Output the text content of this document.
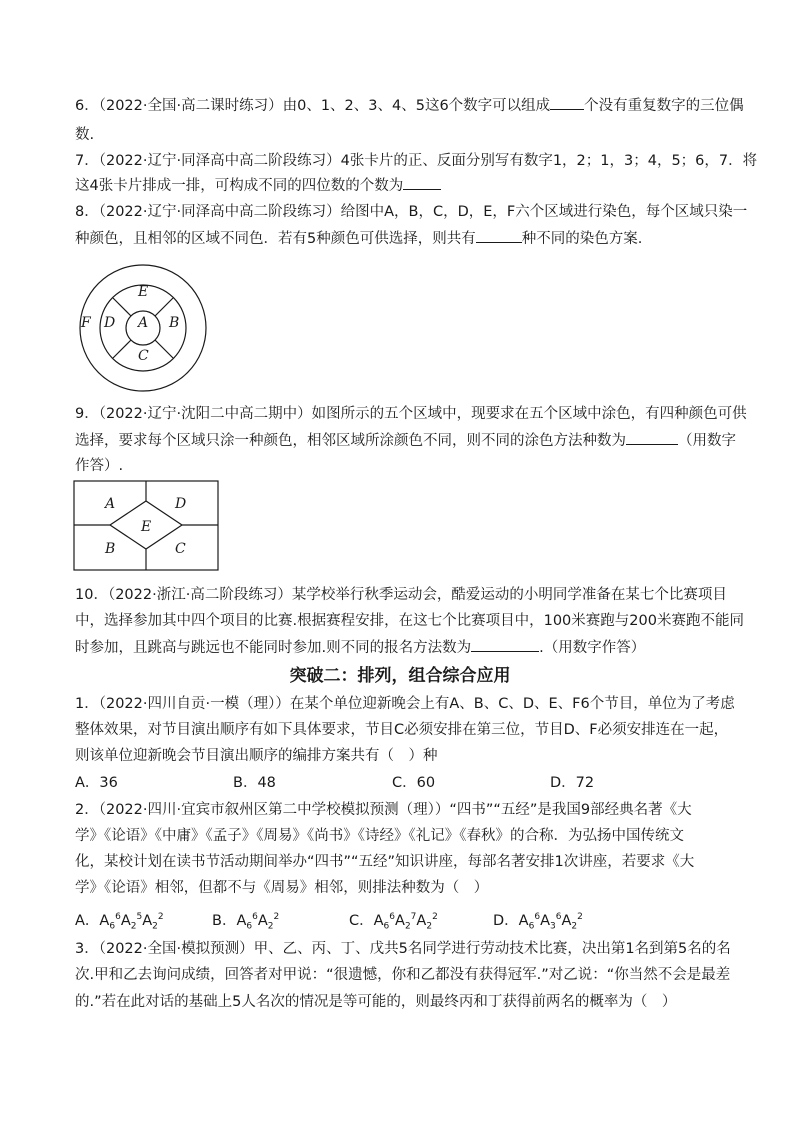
6．（2022·全国·高二课时练习）由0、1、2、3、4、5这6个数字可以组成 个没有重复数字的三位偶
数.
7．（2022·辽宁·同泽高中高二阶段练习）4张卡片的正、反面分别写有数字1，2；1，3；4，5；6，7．将
这4张卡片排成一排，可构成不同的四位数的个数为
8．（2022·辽宁·同泽高中高二阶段练习）给图中A，B，C，D，E，F六个区域进行染色，每个区域只染一
种颜色，且相邻的区域不同色．若有5种颜色可供选择，则共有	种不同的染色方案.
E
F D A B
C
9．（2022·辽宁·沈阳二中高二期中）如图所示的五个区域中，现要求在五个区域中涂色，有四种颜色可供
选择，要求每个区域只涂一种颜色，相邻区域所涂颜色不同，则不同的涂色方法种数为	（用数字
作答）.
A	D
E
B	C
10．（2022·浙江·高二阶段练习）某学校举行秋季运动会，酷爱运动的小明同学准备在某七个比赛项目
中，选择参加其中四个项目的比赛.根据赛程安排，在这七个比赛项目中，100米赛跑与200米赛跑不能同
时参加，且跳高与跳远也不能同时参加.则不同的报名方法数为	.（用数字作答）
突破二：排列，组合综合应用
1．（2022·四川自贡·一模（理））在某个单位迎新晚会上有A、B、C、D、E、F6个节目，单位为了考虑
整体效果，对节目演出顺序有如下具体要求，节目C必须安排在第三位，节目D、F必须安排连在一起，
则该单位迎新晚会节目演出顺序的编排方案共有（　）种
A．36	B．48	C．60	D．72
2．（2022·四川·宜宾市叙州区第二中学校模拟预测（理））“四书”“五经”是我国9部经典名著《大
学》《论语》《中庸》《孟子》《周易》《尚书》《诗经》《礼记》《春秋》的合称．为弘扬中国传统文
化，某校计划在读书节活动期间举办“四书”“五经”知识讲座，每部名著安排1次讲座，若要求《大
学》《论语》相邻，但都不与《周易》相邻，则排法种数为（　）
A．$A_6^6A_2^5A_2^2$	B．$A_6^6A_2^2$	C．$A_6^6A_2^7A_2^2$	D．$A_6^6A_3^6A_2^2$
3．（2022·全国·模拟预测）甲、乙、丙、丁、戊共5名同学进行劳动技术比赛，决出第1名到第5名的名
次.甲和乙去询问成绩，回答者对甲说：“很遗憾，你和乙都没有获得冠军.”对乙说：“你当然不会是最差
的.”若在此对话的基础上5人名次的情况是等可能的，则最终丙和丁获得前两名的概率为（　）
